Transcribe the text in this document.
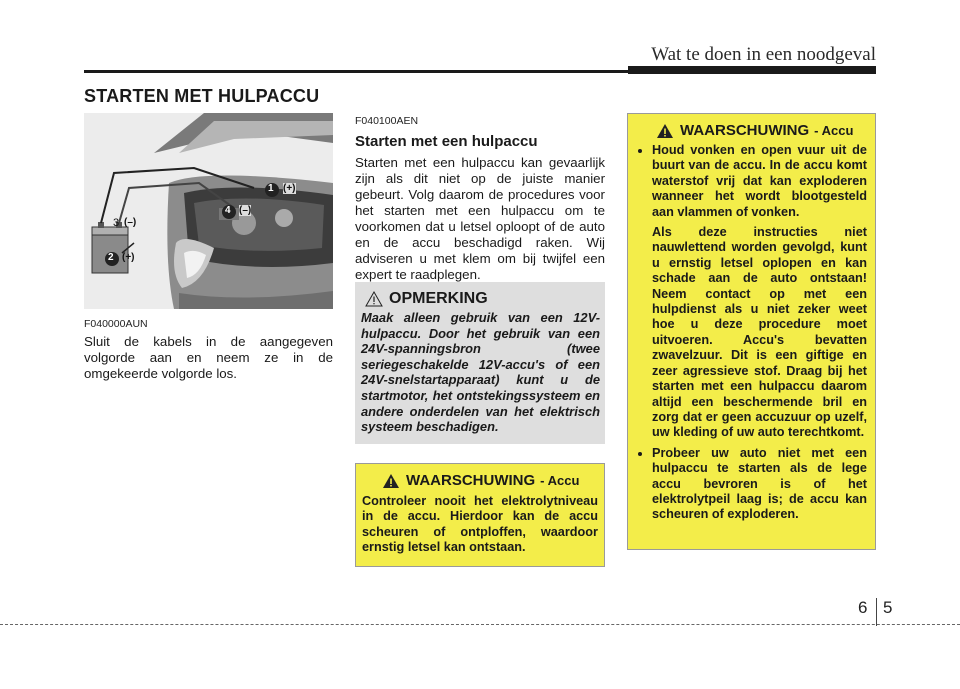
Wat te doen in een noodgeval
STARTEN MET HULPACCU
1 (+)
4 (–)
3 (–)
2 (+)
F040000AUN
Sluit de kabels in de aangegeven volgorde aan en neem ze in de omgekeerde volgorde los.
F040100AEN
Starten met een hulpaccu
Starten met een hulpaccu kan gevaarlijk zijn als dit niet op de juiste manier gebeurt. Volg daarom de procedures voor het starten met een hulpaccu om te voorkomen dat u letsel oploopt of de auto en de accu beschadigd raken. Wij adviseren u met klem om bij twijfel een expert te raadplegen.
OPMERKING
Maak alleen gebruik van een 12V-hulpaccu. Door het gebruik van een 24V-spanningsbron (twee seriegeschakelde 12V-accu's of een 24V-snelstartapparaat) kunt u de startmotor, het ontstekingssysteem en andere onderdelen van het elektrisch systeem beschadigen.
WAARSCHUWING - Accu
Controleer nooit het elektrolytniveau in de accu. Hierdoor kan de accu scheuren of ontploffen, waardoor ernstig letsel kan ontstaan.
WAARSCHUWING - Accu

• Houd vonken en open vuur uit de buurt van de accu. In de accu komt waterstof vrij dat kan exploderen wanneer het wordt blootgesteld aan vlammen of vonken.

Als deze instructies niet nauwlettend worden gevolgd, kunt u ernstig letsel oplopen en kan schade aan de auto ontstaan! Neem contact op met een hulpdienst als u niet zeker weet hoe u deze procedure moet uitvoeren. Accu's bevatten zwavelzuur. Dit is een giftige en zeer agressieve stof. Draag bij het starten met een hulpaccu daarom altijd een beschermende bril en zorg dat er geen accuzuur op uzelf, uw kleding of uw auto terechtkomt.

• Probeer uw auto niet met een hulpaccu te starten als de lege accu bevroren is of het elektrolytpeil laag is; de accu kan scheuren of exploderen.

6 5
